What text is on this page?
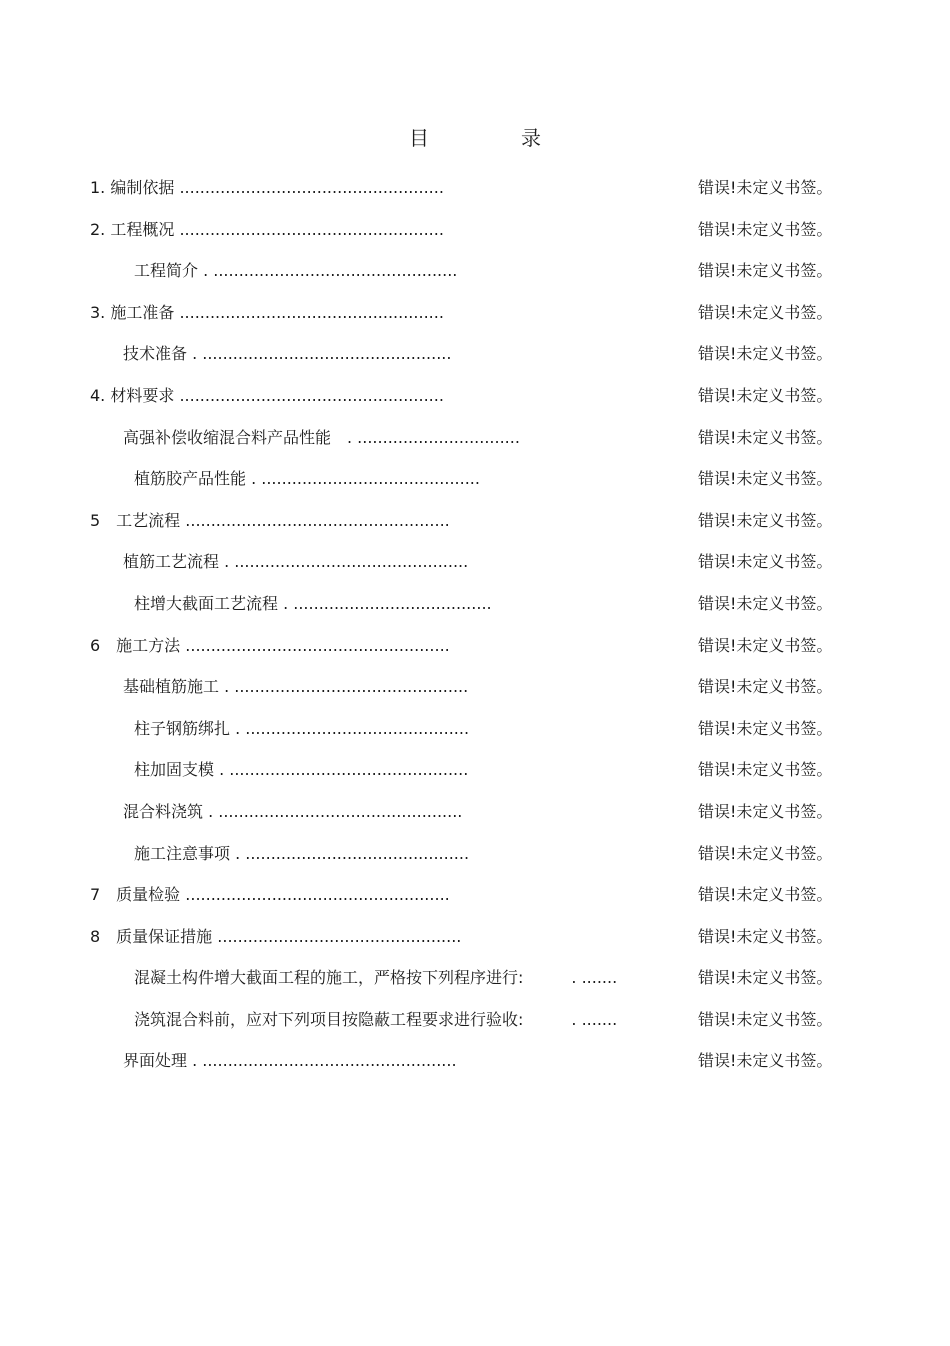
目　录
1. 编制依据 ....................................................	错误!未定义书签。
2. 工程概况 ....................................................	错误!未定义书签。
工程简介 . ................................................	错误!未定义书签。
3. 施工准备 ....................................................	错误!未定义书签。
技术准备 . .................................................	错误!未定义书签。
4. 材料要求 ....................................................	错误!未定义书签。
高强补偿收缩混合料产品性能　. ................................	错误!未定义书签。
植筋胶产品性能 . ...........................................	错误!未定义书签。
5　工艺流程 ....................................................	错误!未定义书签。
植筋工艺流程 . ..............................................	错误!未定义书签。
柱增大截面工艺流程 . .......................................	错误!未定义书签。
6　施工方法 ....................................................	错误!未定义书签。
基础植筋施工 . ..............................................	错误!未定义书签。
柱子钢筋绑扎 . ............................................	错误!未定义书签。
柱加固支模 . ...............................................	错误!未定义书签。
混合料浇筑 . ................................................	错误!未定义书签。
施工注意事项 . ............................................	错误!未定义书签。
7　质量检验 ....................................................	错误!未定义书签。
8　质量保证措施 ................................................	错误!未定义书签。
混凝土构件增大截面工程的施工，严格按下列程序进行:　　　. .......	错误!未定义书签。
浇筑混合料前，应对下列项目按隐蔽工程要求进行验收:　　　. .......	错误!未定义书签。
界面处理 . ..................................................	错误!未定义书签。
